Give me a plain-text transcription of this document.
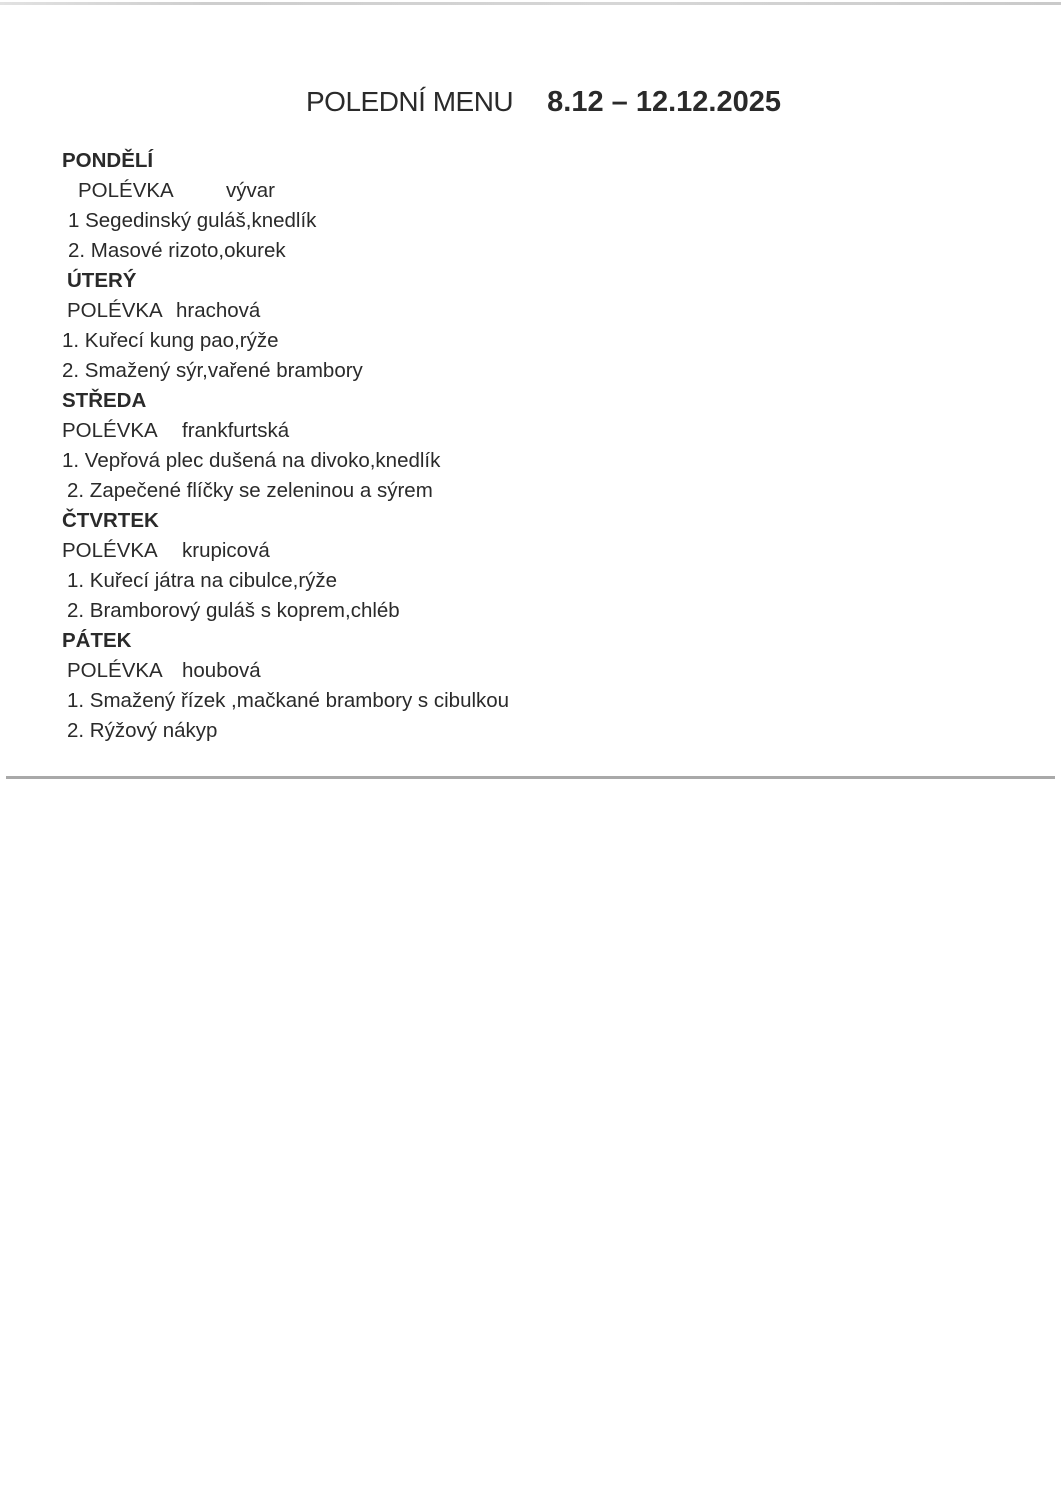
POLEDNÍ MENU 8.12 – 12.12.2025
PONDĚLÍ
POLÉVKA	vývar
1 Segedinský guláš,knedlík
2. Masové rizoto,okurek
ÚTERÝ
POLÉVKA hrachová
1. Kuřecí kung pao,rýže
2. Smažený sýr,vařené brambory
STŘEDA
POLÉVKA frankfurtská
1. Vepřová plec dušená na divoko,knedlík
2. Zapečené flíčky se zeleninou a sýrem
ČTVRTEK
POLÉVKA krupicová
1. Kuřecí játra na cibulce,rýže
2. Bramborový guláš s koprem,chléb
PÁTEK
POLÉVKA houbová
1. Smažený řízek ,mačkané brambory s cibulkou
2. Rýžový nákyp
